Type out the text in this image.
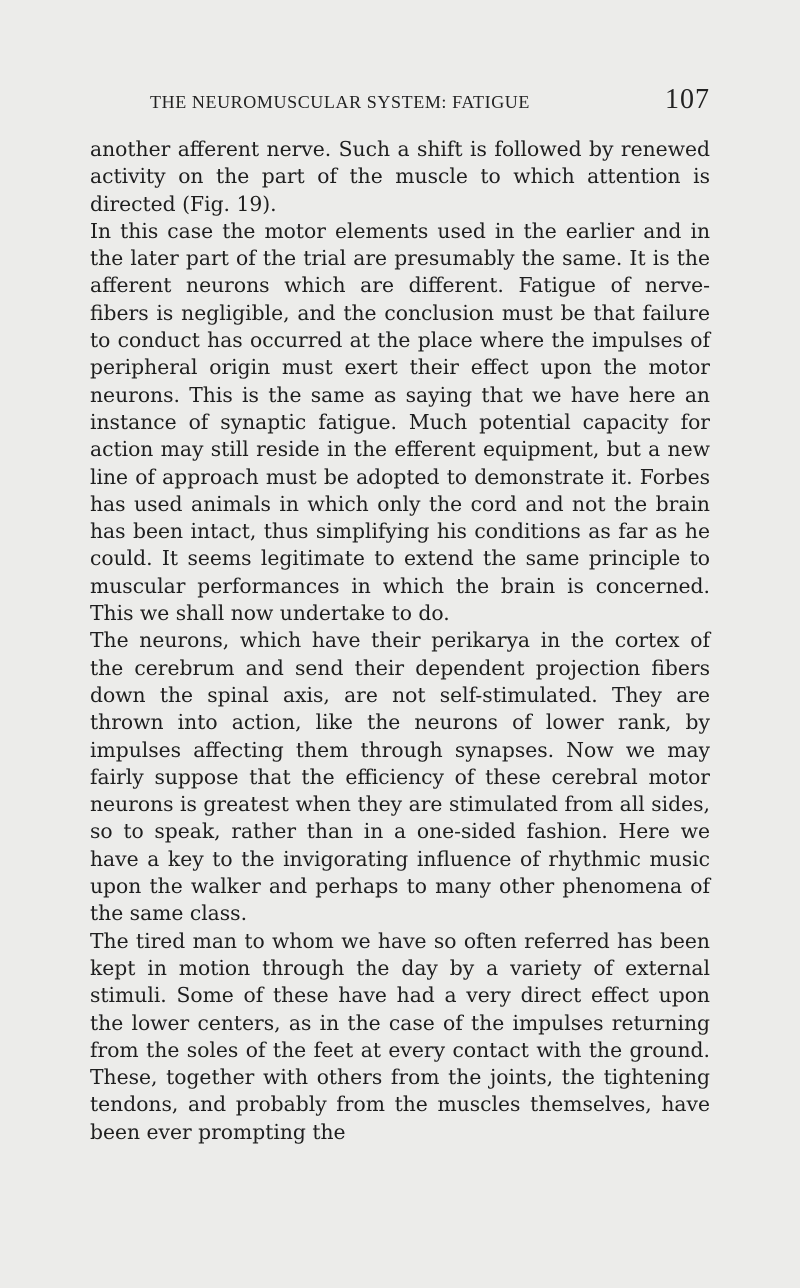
THE NEUROMUSCULAR SYSTEM: FATIGUE	107

another afferent nerve. Such a shift is followed by renewed activity on the part of the muscle to which attention is directed (Fig. 19).

In this case the motor elements used in the earlier and in the later part of the trial are presumably the same. It is the afferent neurons which are different. Fatigue of nerve-fibers is negligible, and the conclusion must be that failure to conduct has occurred at the place where the impulses of peripheral origin must exert their effect upon the motor neurons. This is the same as saying that we have here an instance of synaptic fatigue. Much potential capacity for action may still reside in the efferent equipment, but a new line of approach must be adopted to demonstrate it. Forbes has used animals in which only the cord and not the brain has been intact, thus simplifying his conditions as far as he could. It seems legitimate to extend the same principle to muscular performances in which the brain is concerned. This we shall now undertake to do.

The neurons, which have their perikarya in the cortex of the cerebrum and send their dependent projection fibers down the spinal axis, are not self-stimulated. They are thrown into action, like the neurons of lower rank, by impulses affecting them through synapses. Now we may fairly suppose that the efficiency of these cerebral motor neurons is greatest when they are stimulated from all sides, so to speak, rather than in a one-sided fashion. Here we have a key to the invigorating influence of rhythmic music upon the walker and perhaps to many other phenomena of the same class.

The tired man to whom we have so often referred has been kept in motion through the day by a variety of external stimuli. Some of these have had a very direct effect upon the lower centers, as in the case of the impulses returning from the soles of the feet at every contact with the ground. These, together with others from the joints, the tightening tendons, and probably from the muscles themselves, have been ever prompting the
